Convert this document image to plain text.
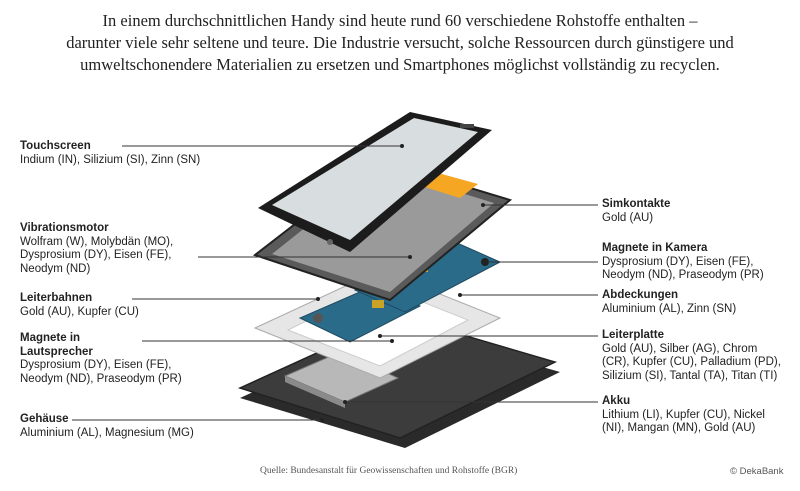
In einem durchschnittlichen Handy sind heute rund 60 verschiedene Rohstoffe enthalten –
darunter viele sehr seltene und teure. Die Industrie versucht, solche Ressourcen durch günstigere und
umweltschonendere Materialien zu ersetzen und Smartphones möglichst vollständig zu recyclen.
Touchscreen
Indium (IN), Silizium (SI), Zinn (SN)
Vibrationsmotor
Wolfram (W), Molybdän (MO),
Dysprosium (DY), Eisen (FE),
Neodym (ND)
Leiterbahnen
Gold (AU), Kupfer (CU)
Magnete in
Lautsprecher
Dysprosium (DY), Eisen (FE),
Neodym (ND), Praseodym (PR)
Gehäuse
Aluminium (AL), Magnesium (MG)
Simkontakte
Gold (AU)
Magnete in Kamera
Dysprosium (DY), Eisen (FE),
Neodym (ND), Praseodym (PR)
Abdeckungen
Aluminium (AL), Zinn (SN)
Leiterplatte
Gold (AU), Silber (AG), Chrom
(CR), Kupfer (CU), Palladium (PD),
Silizium (SI), Tantal (TA), Titan (TI)
Akku
Lithium (LI), Kupfer (CU), Nickel
(NI), Mangan (MN), Gold (AU)
Quelle: Bundesanstalt für Geowissenschaften und Rohstoffe (BGR)	© DekaBank
